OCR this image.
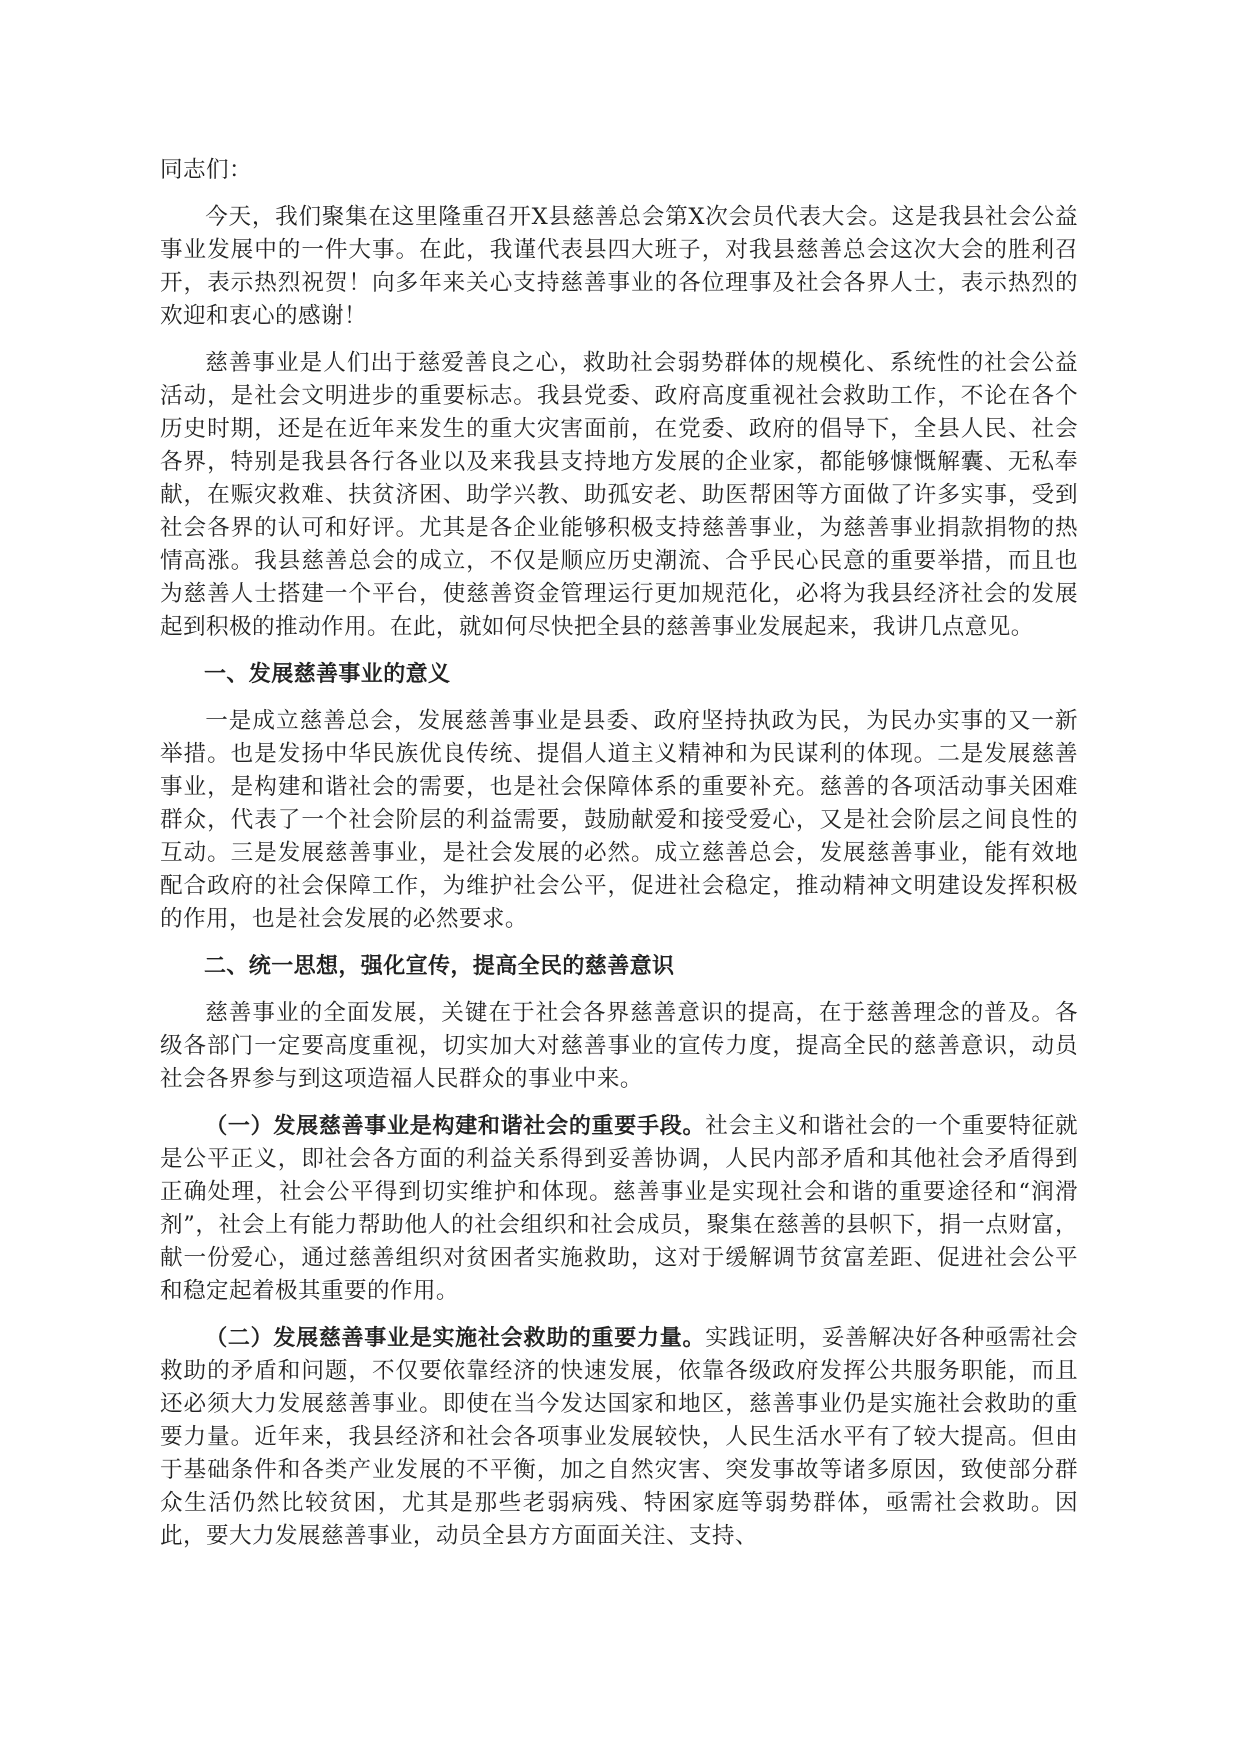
同志们：

今天，我们聚集在这里隆重召开X县慈善总会第X次会员代表大会。这是我县社会公益事业发展中的一件大事。在此，我谨代表县四大班子，对我县慈善总会这次大会的胜利召开，表示热烈祝贺！向多年来关心支持慈善事业的各位理事及社会各界人士，表示热烈的欢迎和衷心的感谢！

慈善事业是人们出于慈爱善良之心，救助社会弱势群体的规模化、系统性的社会公益活动，是社会文明进步的重要标志。我县党委、政府高度重视社会救助工作，不论在各个历史时期，还是在近年来发生的重大灾害面前，在党委、政府的倡导下，全县人民、社会各界，特别是我县各行各业以及来我县支持地方发展的企业家，都能够慷慨解囊、无私奉献，在赈灾救难、扶贫济困、助学兴教、助孤安老、助医帮困等方面做了许多实事，受到社会各界的认可和好评。尤其是各企业能够积极支持慈善事业，为慈善事业捐款捐物的热情高涨。我县慈善总会的成立，不仅是顺应历史潮流、合乎民心民意的重要举措，而且也为慈善人士搭建一个平台，使慈善资金管理运行更加规范化，必将为我县经济社会的发展起到积极的推动作用。在此，就如何尽快把全县的慈善事业发展起来，我讲几点意见。

一、发展慈善事业的意义

一是成立慈善总会，发展慈善事业是县委、政府坚持执政为民，为民办实事的又一新举措。也是发扬中华民族优良传统、提倡人道主义精神和为民谋利的体现。二是发展慈善事业，是构建和谐社会的需要，也是社会保障体系的重要补充。慈善的各项活动事关困难群众，代表了一个社会阶层的利益需要，鼓励献爱和接受爱心，又是社会阶层之间良性的互动。三是发展慈善事业，是社会发展的必然。成立慈善总会，发展慈善事业，能有效地配合政府的社会保障工作，为维护社会公平，促进社会稳定，推动精神文明建设发挥积极的作用，也是社会发展的必然要求。

二、统一思想，强化宣传，提高全民的慈善意识

慈善事业的全面发展，关键在于社会各界慈善意识的提高，在于慈善理念的普及。各级各部门一定要高度重视，切实加大对慈善事业的宣传力度，提高全民的慈善意识，动员社会各界参与到这项造福人民群众的事业中来。

（一）发展慈善事业是构建和谐社会的重要手段。社会主义和谐社会的一个重要特征就是公平正义，即社会各方面的利益关系得到妥善协调，人民内部矛盾和其他社会矛盾得到正确处理，社会公平得到切实维护和体现。慈善事业是实现社会和谐的重要途径和“润滑剂”，社会上有能力帮助他人的社会组织和社会成员，聚集在慈善的县帜下，捐一点财富，献一份爱心，通过慈善组织对贫困者实施救助，这对于缓解调节贫富差距、促进社会公平和稳定起着极其重要的作用。

（二）发展慈善事业是实施社会救助的重要力量。实践证明，妥善解决好各种亟需社会救助的矛盾和问题，不仅要依靠经济的快速发展，依靠各级政府发挥公共服务职能，而且还必须大力发展慈善事业。即使在当今发达国家和地区，慈善事业仍是实施社会救助的重要力量。近年来，我县经济和社会各项事业发展较快，人民生活水平有了较大提高。但由于基础条件和各类产业发展的不平衡，加之自然灾害、突发事故等诸多原因，致使部分群众生活仍然比较贫困，尤其是那些老弱病残、特困家庭等弱势群体，亟需社会救助。因此，要大力发展慈善事业，动员全县方方面面关注、支持、
